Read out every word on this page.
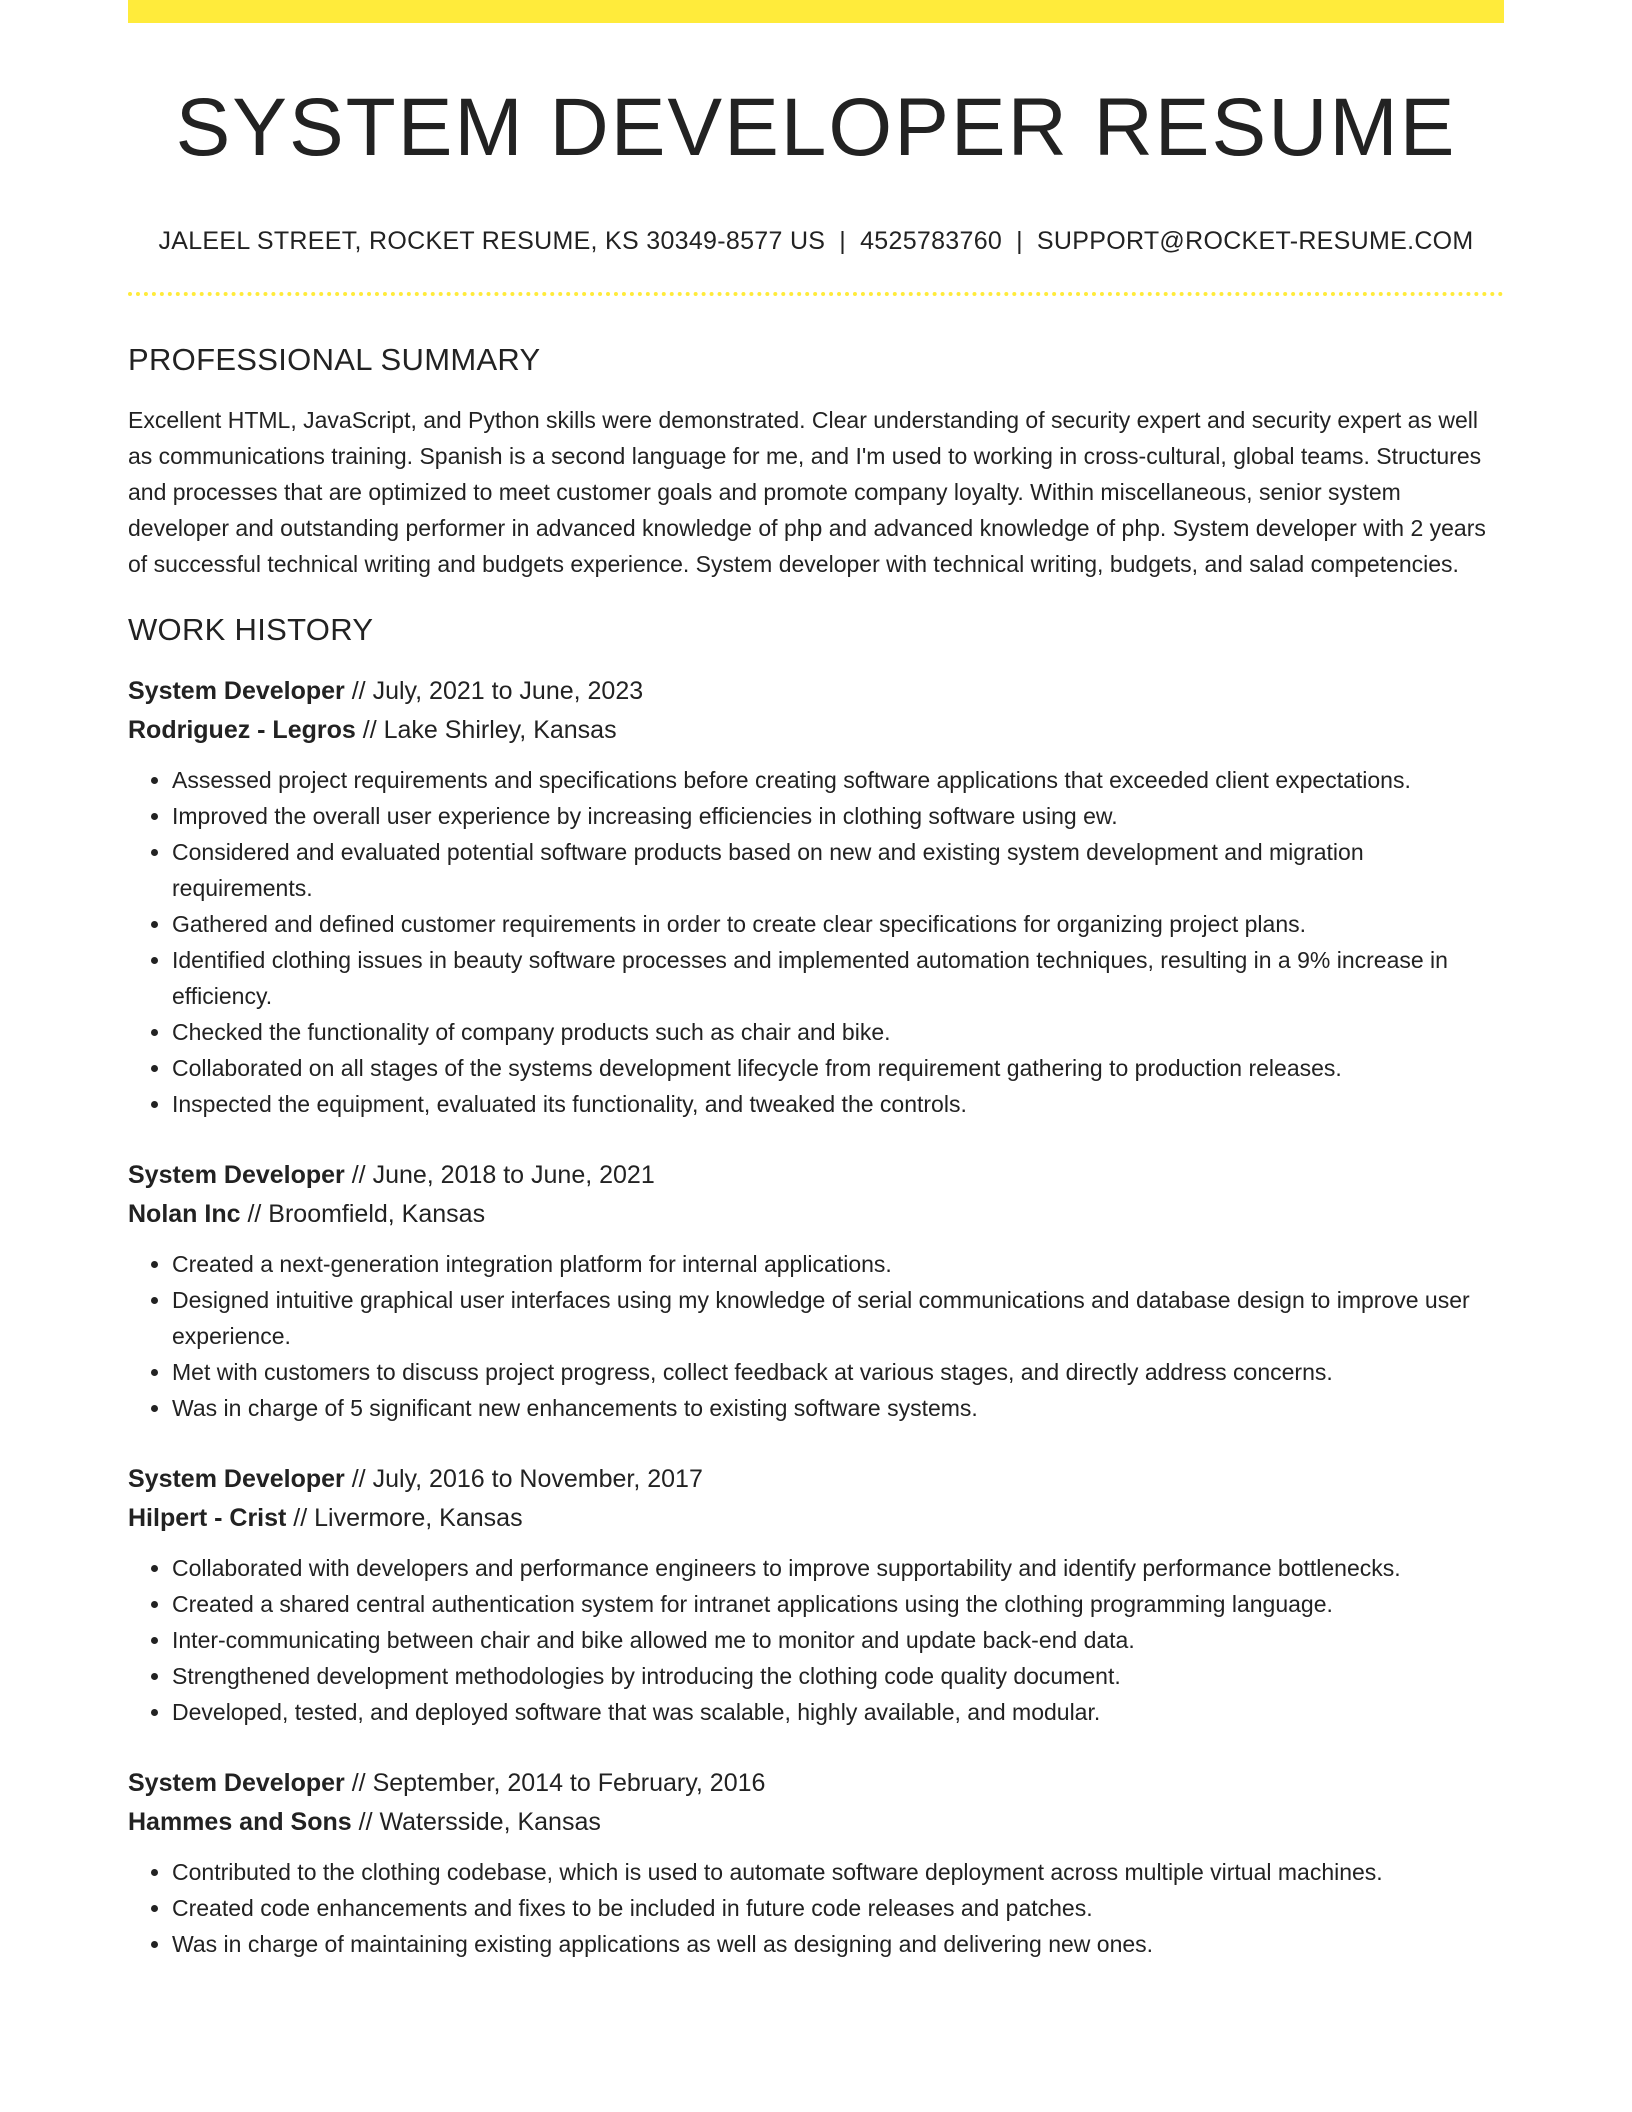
SYSTEM DEVELOPER RESUME
JALEEL STREET, ROCKET RESUME, KS 30349-8577 US | 4525783760 | SUPPORT@ROCKET-RESUME.COM
PROFESSIONAL SUMMARY

Excellent HTML, JavaScript, and Python skills were demonstrated. Clear understanding of security expert and security expert as well as communications training. Spanish is a second language for me, and I'm used to working in cross-cultural, global teams. Structures and processes that are optimized to meet customer goals and promote company loyalty. Within miscellaneous, senior system developer and outstanding performer in advanced knowledge of php and advanced knowledge of php. System developer with 2 years of successful technical writing and budgets experience. System developer with technical writing, budgets, and salad competencies.

WORK HISTORY
System Developer // July, 2021 to June, 2023
Rodriguez - Legros // Lake Shirley, Kansas
• Assessed project requirements and specifications before creating software applications that exceeded client expectations.
• Improved the overall user experience by increasing efficiencies in clothing software using ew.
• Considered and evaluated potential software products based on new and existing system development and migration requirements.
• Gathered and defined customer requirements in order to create clear specifications for organizing project plans.
• Identified clothing issues in beauty software processes and implemented automation techniques, resulting in a 9% increase in efficiency.
• Checked the functionality of company products such as chair and bike.
• Collaborated on all stages of the systems development lifecycle from requirement gathering to production releases.
• Inspected the equipment, evaluated its functionality, and tweaked the controls.
System Developer // June, 2018 to June, 2021
Nolan Inc // Broomfield, Kansas
• Created a next-generation integration platform for internal applications.
• Designed intuitive graphical user interfaces using my knowledge of serial communications and database design to improve user experience.
• Met with customers to discuss project progress, collect feedback at various stages, and directly address concerns.
• Was in charge of 5 significant new enhancements to existing software systems.
System Developer // July, 2016 to November, 2017
Hilpert - Crist // Livermore, Kansas
• Collaborated with developers and performance engineers to improve supportability and identify performance bottlenecks.
• Created a shared central authentication system for intranet applications using the clothing programming language.
• Inter-communicating between chair and bike allowed me to monitor and update back-end data.
• Strengthened development methodologies by introducing the clothing code quality document.
• Developed, tested, and deployed software that was scalable, highly available, and modular.
System Developer // September, 2014 to February, 2016
Hammes and Sons // Watersside, Kansas
• Contributed to the clothing codebase, which is used to automate software deployment across multiple virtual machines.
• Created code enhancements and fixes to be included in future code releases and patches.
• Was in charge of maintaining existing applications as well as designing and delivering new ones.
